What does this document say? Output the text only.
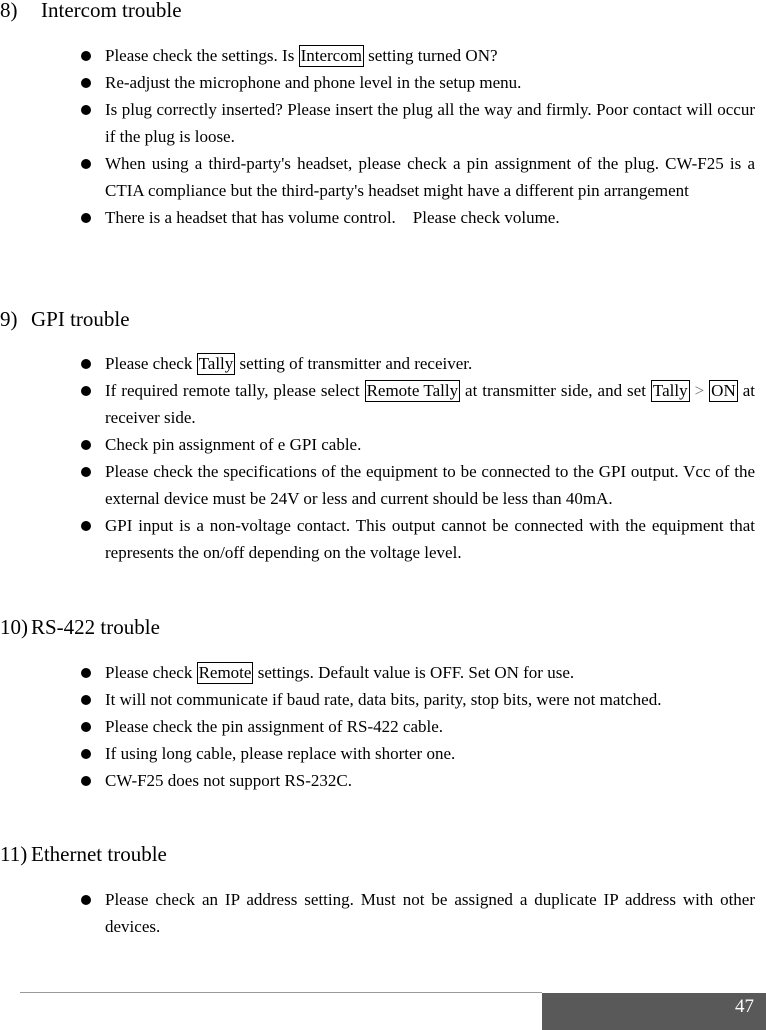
8) Intercom trouble
Please check the settings. Is Intercom setting turned ON?
Re-adjust the microphone and phone level in the setup menu.
Is plug correctly inserted? Please insert the plug all the way and firmly. Poor contact will occur if the plug is loose.
When using a third-party's headset, please check a pin assignment of the plug. CW-F25 is a CTIA compliance but the third-party's headset might have a different pin arrangement
There is a headset that has volume control.　Please check volume.
9) GPI trouble
Please check Tally setting of transmitter and receiver.
If required remote tally, please select Remote Tally at transmitter side, and set Tally > ON at receiver side.
Check pin assignment of e GPI cable.
Please check the specifications of the equipment to be connected to the GPI output. Vcc of the external device must be 24V or less and current should be less than 40mA.
GPI input is a non-voltage contact. This output cannot be connected with the equipment that represents the on/off depending on the voltage level.
10) RS-422 trouble
Please check Remote settings. Default value is OFF. Set ON for use.
It will not communicate if baud rate, data bits, parity, stop bits, were not matched.
Please check the pin assignment of RS-422 cable.
If using long cable, please replace with shorter one.
CW-F25 does not support RS-232C.
11) Ethernet trouble
Please check an IP address setting. Must not be assigned a duplicate IP address with other devices.
47
